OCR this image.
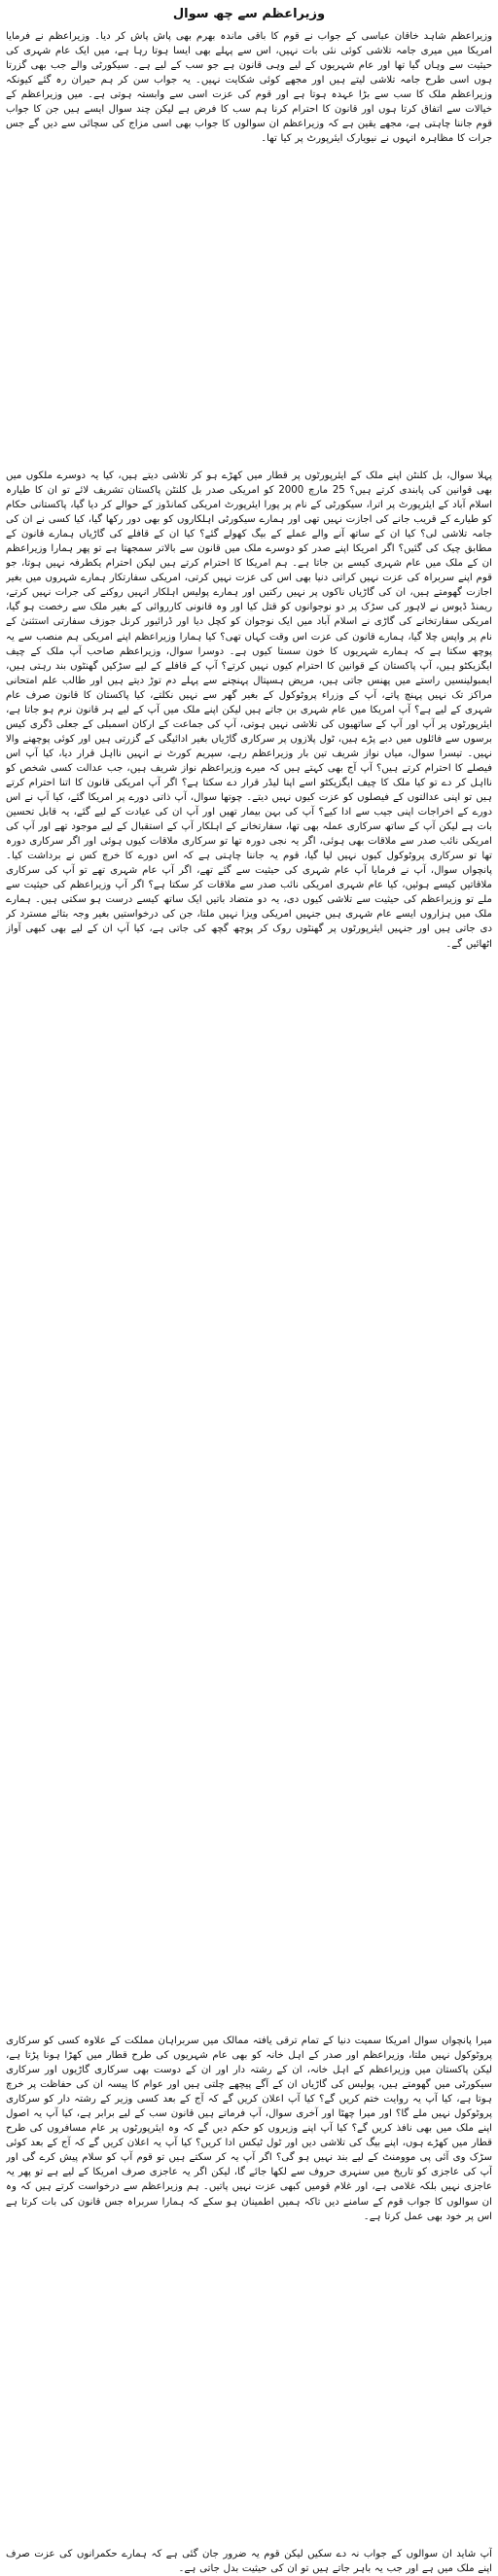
وزیراعظم سے چھ سوال

وزیراعظم شاہد خاقان عباسی کے جواب نے قوم کا باقی ماندہ بھرم بھی پاش پاش کر دیا۔ وزیراعظم نے فرمایا امریکا میں میری جامہ تلاشی کوئی نئی بات نہیں، اس سے پہلے بھی ایسا ہوتا رہا ہے، میں ایک عام شہری کی حیثیت سے وہاں گیا تھا اور عام شہریوں کے لیے وہی قانون ہے جو سب کے لیے ہے۔ سیکورٹی والے جب بھی گزرتا ہوں اسی طرح جامہ تلاشی لیتے ہیں اور مجھے کوئی شکایت نہیں۔ یہ جواب سن کر ہم حیران رہ گئے کیونکہ وزیراعظم ملک کا سب سے بڑا عہدہ ہوتا ہے اور قوم کی عزت اسی سے وابستہ ہوتی ہے۔ میں وزیراعظم کے خیالات سے اتفاق کرتا ہوں اور قانون کا احترام کرنا ہم سب کا فرض ہے لیکن چند سوال ایسے ہیں جن کا جواب قوم جاننا چاہتی ہے، مجھے یقین ہے کہ وزیراعظم ان سوالوں کا جواب بھی اسی مزاج کی سچائی سے دیں گے جس جرات کا مظاہرہ انہوں نے نیویارک ایئرپورٹ پر کیا تھا۔

پہلا سوال، بل کلنٹن اپنے ملک کے ایئرپورٹوں پر قطار میں کھڑے ہو کر تلاشی دیتے ہیں، کیا یہ دوسرے ملکوں میں بھی قوانین کی پابندی کرتے ہیں؟ 25 مارچ 2000 کو امریکی صدر بل کلنٹن پاکستان تشریف لائے تو ان کا طیارہ اسلام آباد کے ایئرپورٹ پر اترا، سیکورٹی کے نام پر پورا ایئرپورٹ امریکی کمانڈوز کے حوالے کر دیا گیا، پاکستانی حکام کو طیارے کے قریب جانے کی اجازت نہیں تھی اور ہمارے سیکورٹی اہلکاروں کو بھی دور رکھا گیا، کیا کسی نے ان کی جامہ تلاشی لی؟ کیا ان کے ساتھ آنے والے عملے کے بیگ کھولے گئے؟ کیا ان کے قافلے کی گاڑیاں ہمارے قانون کے مطابق چیک کی گئیں؟ اگر امریکا اپنے صدر کو دوسرے ملک میں قانون سے بالاتر سمجھتا ہے تو پھر ہمارا وزیراعظم ان کے ملک میں عام شہری کیسے بن جاتا ہے۔ ہم امریکا کا احترام کرتے ہیں لیکن احترام یکطرفہ نہیں ہوتا، جو قوم اپنے سربراہ کی عزت نہیں کراتی دنیا بھی اس کی عزت نہیں کرتی، امریکی سفارتکار ہمارے شہروں میں بغیر اجازت گھومتے ہیں، ان کی گاڑیاں ناکوں پر نہیں رکتیں اور ہمارے پولیس اہلکار انہیں روکنے کی جرات نہیں کرتے، ریمنڈ ڈیوس نے لاہور کی سڑک پر دو نوجوانوں کو قتل کیا اور وہ قانونی کارروائی کے بغیر ملک سے رخصت ہو گیا، امریکی سفارتخانے کی گاڑی نے اسلام آباد میں ایک نوجوان کو کچل دیا اور ڈرائیور کرنل جوزف سفارتی استثنیٰ کے نام پر واپس چلا گیا، ہمارے قانون کی عزت اس وقت کہاں تھی؟ کیا ہمارا وزیراعظم اپنے امریکی ہم منصب سے یہ پوچھ سکتا ہے کہ ہمارے شہریوں کا خون سستا کیوں ہے۔ دوسرا سوال، وزیراعظم صاحب آپ ملک کے چیف ایگزیکٹو ہیں، آپ پاکستان کے قوانین کا احترام کیوں نہیں کرتے؟ آپ کے قافلے کے لیے سڑکیں گھنٹوں بند رہتی ہیں، ایمبولینسیں راستے میں پھنس جاتی ہیں، مریض ہسپتال پہنچنے سے پہلے دم توڑ دیتے ہیں اور طالب علم امتحانی مراکز تک نہیں پہنچ پاتے، آپ کے وزراء پروٹوکول کے بغیر گھر سے نہیں نکلتے، کیا پاکستان کا قانون صرف عام شہری کے لیے ہے؟ آپ امریکا میں عام شہری بن جاتے ہیں لیکن اپنے ملک میں آپ کے لیے ہر قانون نرم ہو جاتا ہے، ایئرپورٹوں پر آپ اور آپ کے ساتھیوں کی تلاشی نہیں ہوتی، آپ کی جماعت کے ارکان اسمبلی کے جعلی ڈگری کیس برسوں سے فائلوں میں دبے پڑے ہیں، ٹول پلازوں پر سرکاری گاڑیاں بغیر ادائیگی کے گزرتی ہیں اور کوئی پوچھنے والا نہیں۔ تیسرا سوال، میاں نواز شریف تین بار وزیراعظم رہے، سپریم کورٹ نے انہیں نااہل قرار دیا، کیا آپ اس فیصلے کا احترام کرتے ہیں؟ آپ آج بھی کہتے ہیں کہ میرے وزیراعظم نواز شریف ہیں، جب عدالت کسی شخص کو نااہل کر دے تو کیا ملک کا چیف ایگزیکٹو اسے اپنا لیڈر قرار دے سکتا ہے؟ اگر آپ امریکی قانون کا اتنا احترام کرتے ہیں تو اپنی عدالتوں کے فیصلوں کو عزت کیوں نہیں دیتے۔ چوتھا سوال، آپ ذاتی دورے پر امریکا گئے، کیا آپ نے اس دورے کے اخراجات اپنی جیب سے ادا کیے؟ آپ کی بہن بیمار تھیں اور آپ ان کی عیادت کے لیے گئے، یہ قابل تحسین بات ہے لیکن آپ کے ساتھ سرکاری عملہ بھی تھا، سفارتخانے کے اہلکار آپ کے استقبال کے لیے موجود تھے اور آپ کی امریکی نائب صدر سے ملاقات بھی ہوئی، اگر یہ نجی دورہ تھا تو سرکاری ملاقات کیوں ہوئی اور اگر سرکاری دورہ تھا تو سرکاری پروٹوکول کیوں نہیں لیا گیا، قوم یہ جاننا چاہتی ہے کہ اس دورے کا خرچ کس نے برداشت کیا۔ پانچواں سوال، آپ نے فرمایا آپ عام شہری کی حیثیت سے گئے تھے، اگر آپ عام شہری تھے تو آپ کی سرکاری ملاقاتیں کیسے ہوئیں، کیا عام شہری امریکی نائب صدر سے ملاقات کر سکتا ہے؟ اگر آپ وزیراعظم کی حیثیت سے ملے تو وزیراعظم کی حیثیت سے تلاشی کیوں دی، یہ دو متضاد باتیں ایک ساتھ کیسے درست ہو سکتی ہیں۔ ہمارے ملک میں ہزاروں ایسے عام شہری ہیں جنہیں امریکی ویزا نہیں ملتا، جن کی درخواستیں بغیر وجہ بتائے مسترد کر دی جاتی ہیں اور جنہیں ایئرپورٹوں پر گھنٹوں روک کر پوچھ گچھ کی جاتی ہے، کیا آپ ان کے لیے بھی کبھی آواز اٹھائیں گے۔

میرا پانچواں سوال امریکا سمیت دنیا کے تمام ترقی یافتہ ممالک میں سربراہان مملکت کے علاوہ کسی کو سرکاری پروٹوکول نہیں ملتا، وزیراعظم اور صدر کے اہل خانہ کو بھی عام شہریوں کی طرح قطار میں کھڑا ہونا پڑتا ہے، لیکن پاکستان میں وزیراعظم کے اہل خانہ، ان کے رشتہ دار اور ان کے دوست بھی سرکاری گاڑیوں اور سرکاری سیکورٹی میں گھومتے ہیں، پولیس کی گاڑیاں ان کے آگے پیچھے چلتی ہیں اور عوام کا پیسہ ان کی حفاظت پر خرچ ہوتا ہے، کیا آپ یہ روایت ختم کریں گے؟ کیا آپ اعلان کریں گے کہ آج کے بعد کسی وزیر کے رشتہ دار کو سرکاری پروٹوکول نہیں ملے گا؟ اور میرا چھٹا اور آخری سوال، آپ فرماتے ہیں قانون سب کے لیے برابر ہے، کیا آپ یہ اصول اپنے ملک میں بھی نافذ کریں گے؟ کیا آپ اپنے وزیروں کو حکم دیں گے کہ وہ ایئرپورٹوں پر عام مسافروں کی طرح قطار میں کھڑے ہوں، اپنے بیگ کی تلاشی دیں اور ٹول ٹیکس ادا کریں؟ کیا آپ یہ اعلان کریں گے کہ آج کے بعد کوئی سڑک وی آئی پی موومنٹ کے لیے بند نہیں ہو گی؟ اگر آپ یہ کر سکتے ہیں تو قوم آپ کو سلام پیش کرے گی اور آپ کی عاجزی کو تاریخ میں سنہری حروف سے لکھا جائے گا، لیکن اگر یہ عاجزی صرف امریکا کے لیے ہے تو پھر یہ عاجزی نہیں بلکہ غلامی ہے، اور غلام قومیں کبھی عزت نہیں پاتیں۔ ہم وزیراعظم سے درخواست کرتے ہیں کہ وہ ان سوالوں کا جواب قوم کے سامنے دیں تاکہ ہمیں اطمینان ہو سکے کہ ہمارا سربراہ جس قانون کی بات کرتا ہے اس پر خود بھی عمل کرتا ہے۔

آپ شاید ان سوالوں کے جواب نہ دے سکیں لیکن قوم یہ ضرور جان گئی ہے کہ ہمارے حکمرانوں کی عزت صرف اپنے ملک میں ہے اور جب یہ باہر جاتے ہیں تو ان کی حیثیت بدل جاتی ہے۔
